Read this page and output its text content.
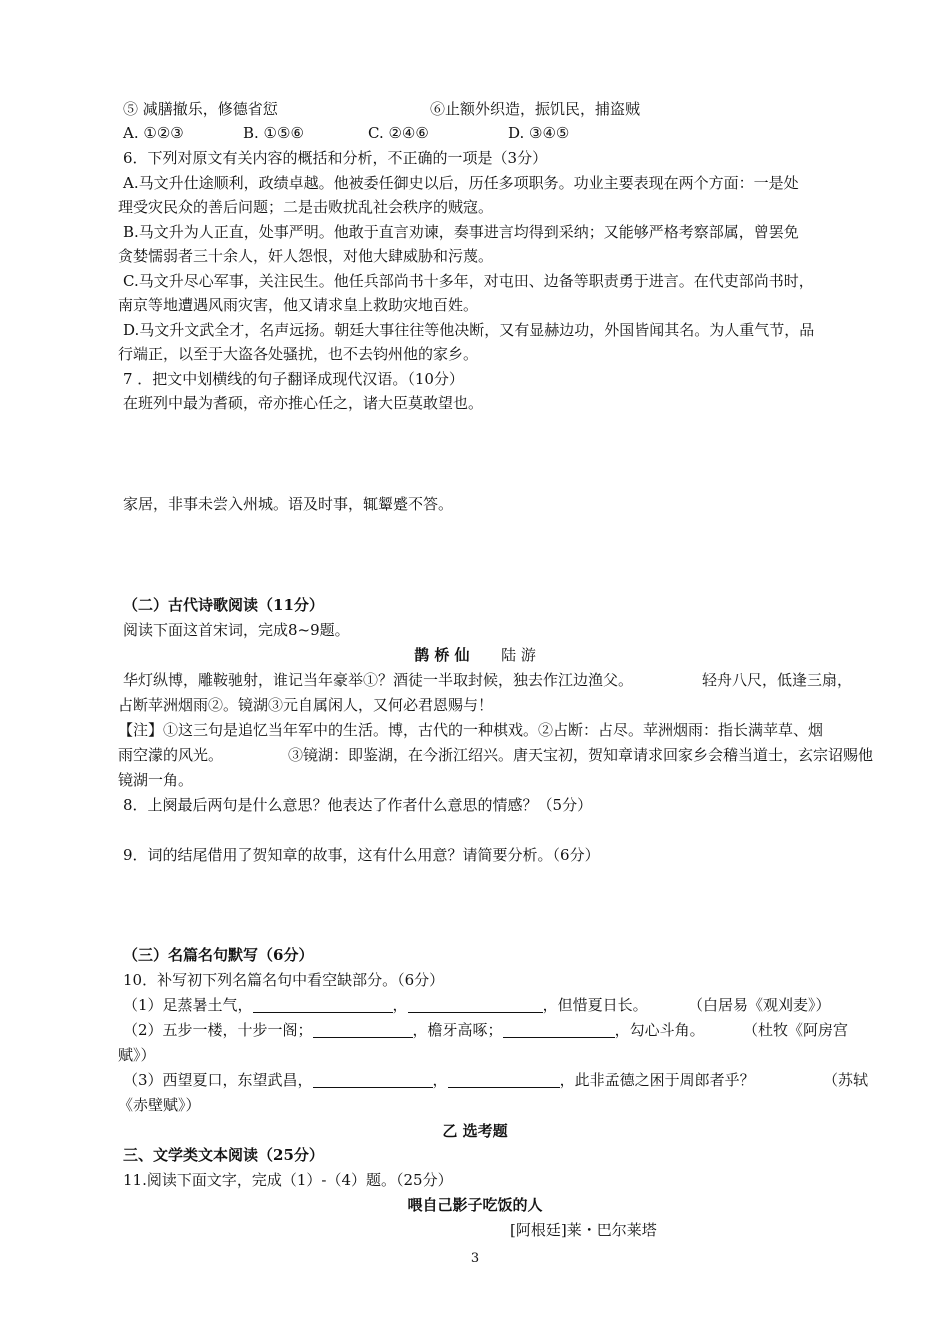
⑤ 减膳撤乐，修德省愆	⑥止额外织造，振饥民，捕盗贼
A. ①②③	B. ①⑤⑥	C. ②④⑥	D. ③④⑤
6．下列对原文有关内容的概括和分析，不正确的一项是（3分）
A.马文升仕途顺利，政绩卓越。他被委任御史以后，历任多项职务。功业主要表现在两个方面：一是处
理受灾民众的善后问题；二是击败扰乱社会秩序的贼寇。
B.马文升为人正直，处事严明。他敢于直言劝谏，奏事进言均得到采纳；又能够严格考察部属，曾罢免
贪婪懦弱者三十余人，奸人怨恨，对他大肆威胁和污蔑。
C.马文升尽心军事，关注民生。他任兵部尚书十多年，对屯田、边备等职责勇于进言。在代吏部尚书时，
南京等地遭遇风雨灾害，他又请求皇上救助灾地百姓。
D.马文升文武全才，名声远扬。朝廷大事往往等他决断，又有显赫边功，外国皆闻其名。为人重气节，品
行端正，以至于大盗各处骚扰，也不去钧州他的家乡。
7 ．把文中划横线的句子翻译成现代汉语。（10分）
在班列中最为耆硕，帝亦推心任之，诸大臣莫敢望也。
家居，非事未尝入州城。语及时事，辄颦蹙不答。
（二）古代诗歌阅读（11分）
阅读下面这首宋词，完成8~9题。
鹊 桥 仙 陆 游
华灯纵博，雕鞍驰射，谁记当年豪举①？酒徒一半取封候，独去作江边渔父。	轻舟八尺，低逢三扇，
占断苹洲烟雨②。镜湖③元自属闲人，又何必君恩赐与！
【注】①这三句是追忆当年军中的生活。博，古代的一种棋戏。②占断：占尽。苹洲烟雨：指长满苹草、烟
雨空濛的风光。	③镜湖：即鉴湖，在今浙江绍兴。唐天宝初，贺知章请求回家乡会稽当道士，玄宗诏赐他
镜湖一角。
8．上阕最后两句是什么意思？他表达了作者什么意思的情感？（5分）
9．词的结尾借用了贺知章的故事，这有什么用意？请简要分析。（6分）
（三）名篇名句默写（6分）
10．补写初下列名篇名句中看空缺部分。（6分）
（1）足蒸暑土气，	，	，但惜夏日长。	（白居易《观刈麦》）
（2）五步一楼，十步一阁；	，檐牙高啄；	，勾心斗角。	（杜牧《阿房宫
赋》）
（3）西望夏口，东望武昌，	，	，此非孟德之困于周郎者乎？	（苏轼
《赤壁赋》）
乙 选考题
三、文学类文本阅读（25分）
11.阅读下面文字，完成（1）-（4）题。（25分）
喂自己影子吃饭的人
[阿根廷]莱・巴尔莱塔
3
